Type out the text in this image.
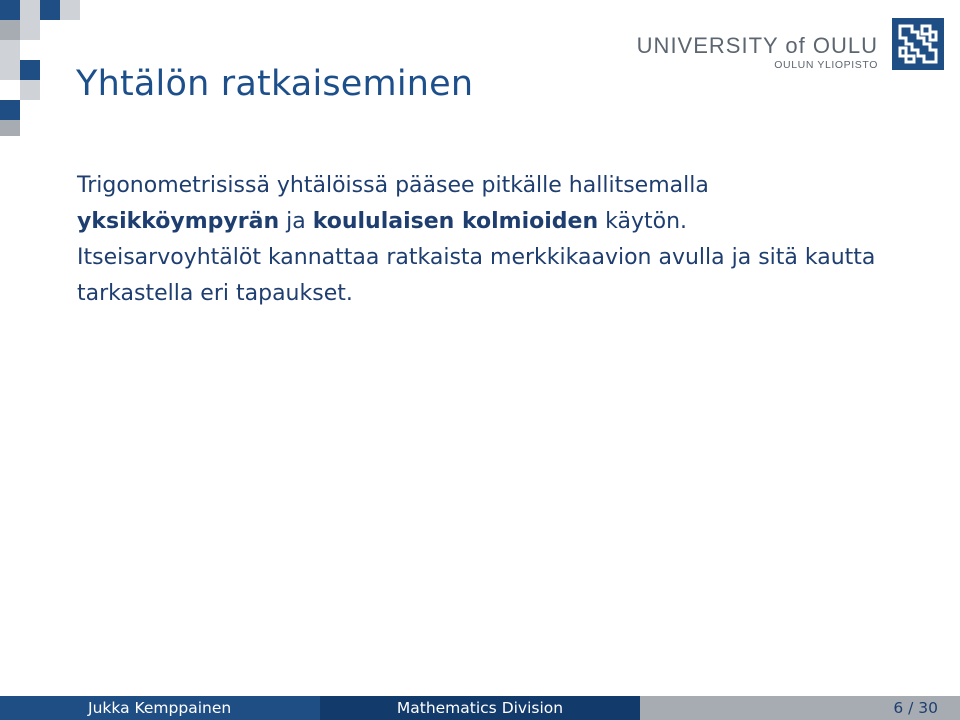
Yhtälön ratkaiseminen
UNIVERSITY of OULU
OULUN YLIOPISTO

Trigonometrisissä yhtälöissä pääsee pitkälle hallitsemalla
yksikköympyrän ja koululaisen kolmioiden käytön.
Itseisarvoyhtälöt kannattaa ratkaista merkkikaavion avulla ja sitä kautta tarkastella eri tapaukset.

Jukka Kemppainen	Mathematics Division	6 / 30
